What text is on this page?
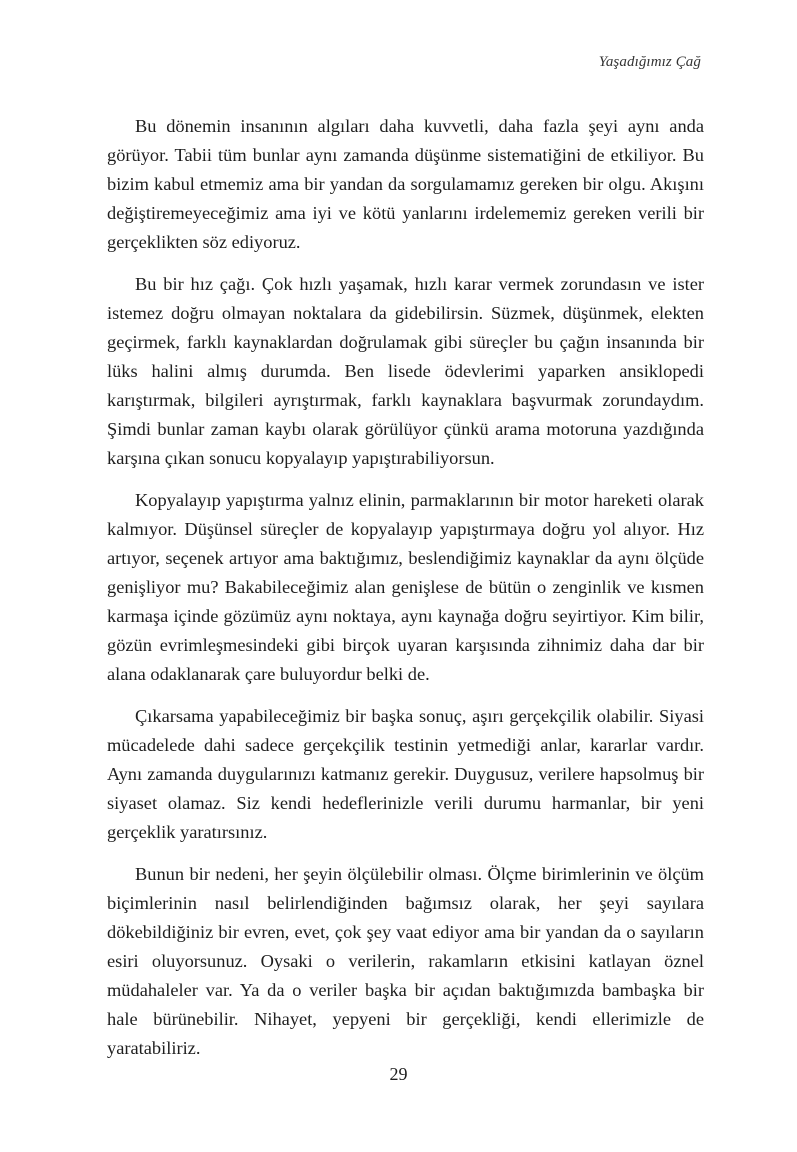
Yaşadığımız Çağ

Bu dönemin insanının algıları daha kuvvetli, daha fazla şeyi aynı anda görüyor. Tabii tüm bunlar aynı zamanda düşünme sistematiğini de etkiliyor. Bu bizim kabul etmemiz ama bir yandan da sorgulamamız gereken bir olgu. Akışını değiştiremeyeceğimiz ama iyi ve kötü yanlarını irdelememiz gereken verili bir gerçeklikten söz ediyoruz.

Bu bir hız çağı. Çok hızlı yaşamak, hızlı karar vermek zorundasın ve ister istemez doğru olmayan noktalara da gidebilirsin. Süzmek, düşünmek, elekten geçirmek, farklı kaynaklardan doğrulamak gibi süreçler bu çağın insanında bir lüks halini almış durumda. Ben lisede ödevlerimi yaparken ansiklopedi karıştırmak, bilgileri ayrıştırmak, farklı kaynaklara başvurmak zorundaydım. Şimdi bunlar zaman kaybı olarak görülüyor çünkü arama motoruna yazdığında karşına çıkan sonucu kopyalayıp yapıştırabiliyorsun.

Kopyalayıp yapıştırma yalnız elinin, parmaklarının bir motor hareketi olarak kalmıyor. Düşünsel süreçler de kopyalayıp yapıştırmaya doğru yol alıyor. Hız artıyor, seçenek artıyor ama baktığımız, beslendiğimiz kaynaklar da aynı ölçüde genişliyor mu? Bakabileceğimiz alan genişlese de bütün o zenginlik ve kısmen karmaşa içinde gözümüz aynı noktaya, aynı kaynağa doğru seyirtiyor. Kim bilir, gözün evrimleşmesindeki gibi birçok uyaran karşısında zihnimiz daha dar bir alana odaklanarak çare buluyordur belki de.

Çıkarsama yapabileceğimiz bir başka sonuç, aşırı gerçekçilik olabilir. Siyasi mücadelede dahi sadece gerçekçilik testinin yetmediği anlar, kararlar vardır. Aynı zamanda duygularınızı katmanız gerekir. Duygusuz, verilere hapsolmuş bir siyaset olamaz. Siz kendi hedeflerinizle verili durumu harmanlar, bir yeni gerçeklik yaratırsınız.

Bunun bir nedeni, her şeyin ölçülebilir olması. Ölçme birimlerinin ve ölçüm biçimlerinin nasıl belirlendiğinden bağımsız olarak, her şeyi sayılara dökebildiğiniz bir evren, evet, çok şey vaat ediyor ama bir yandan da o sayıların esiri oluyorsunuz. Oysaki o verilerin, rakamların etkisini katlayan öznel müdahaleler var. Ya da o veriler başka bir açıdan baktığımızda bambaşka bir hale bürünebilir. Nihayet, yepyeni bir gerçekliği, kendi ellerimizle de yaratabiliriz.

29
